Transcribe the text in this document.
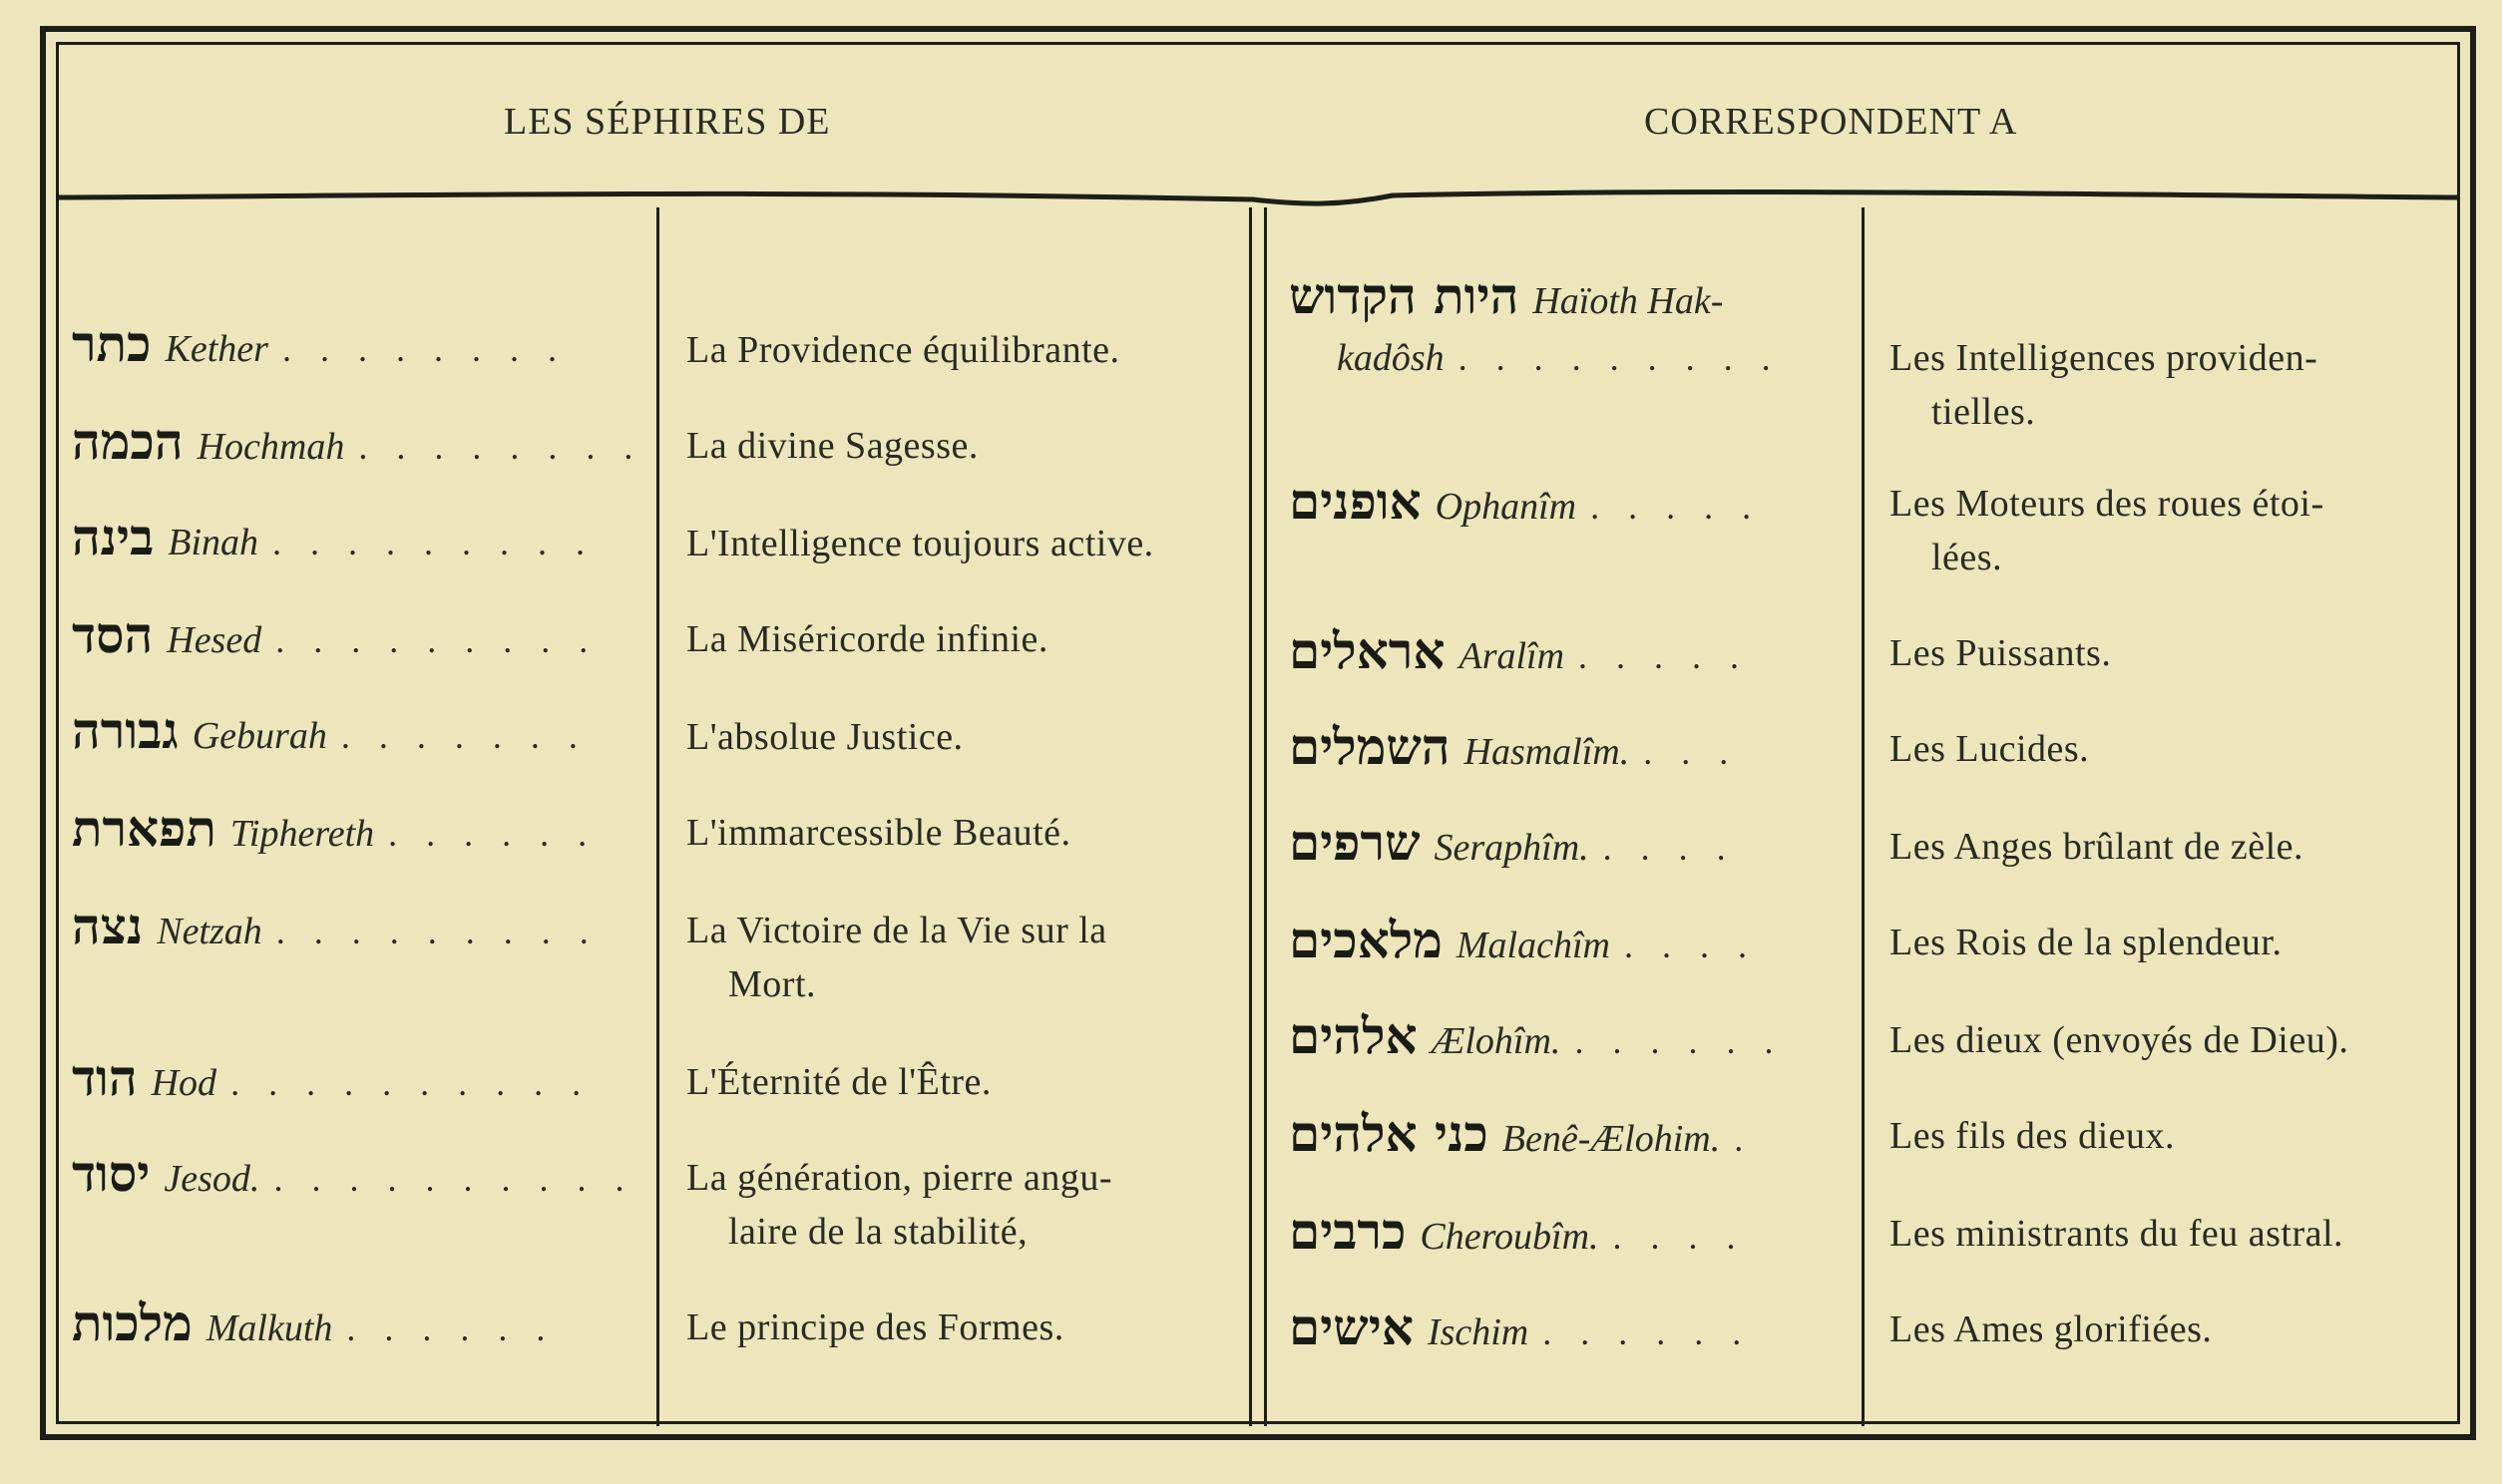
LES SÉPHIRES DE	CORRESPONDENT A
כתר Kether . . . . . . . .	La Providence équilibrante.
הכמה Hochmah . . . . . . . . La divine Sagesse.
בינה Binah . . . . . . . . . L'Intelligence toujours active.
הסד Hesed . . . . . . . . . La Miséricorde infinie.
גבורה Geburah . . . . . . .	L'absolue Justice.
תפארת Tiphereth . . . . . . L'immarcessible Beauté.
נצה Netzah . . . . . . . . . La Victoire de la Vie sur la
Mort.
הוד Hod . . . . . . . . . .	L'Éternité de l'Être.
יסוד Jesod. . . . . . . . . . . La génération, pierre angu-
laire de la stabilité,
מלכות Malkuth . . . . . .	Le principe des Formes.
היות הקדוש Haïoth Hak-
kadôsh . . . . . . . . .	Les Intelligences providen-
tielles.
אופנים Ophanîm . . . . .	Les Moteurs des roues étoi-
lées.
אראלים Aralîm . . . . .	Les Puissants.
השמלים Hasmalîm. . . .	Les Lucides.
שרפים Seraphîm. . . . .	Les Anges brûlant de zèle.
מלאכים Malachîm . . . .	Les Rois de la splendeur.
אלהים Ælohîm. . . . . . .	Les dieux (envoyés de Dieu).
כני אלהים Benê-Ælohim. .	Les fils des dieux.
כרבים Cheroubîm. . . . .	Les ministrants du feu astral.
אישים Ischim . . . . . .	Les Ames glorifiées.
